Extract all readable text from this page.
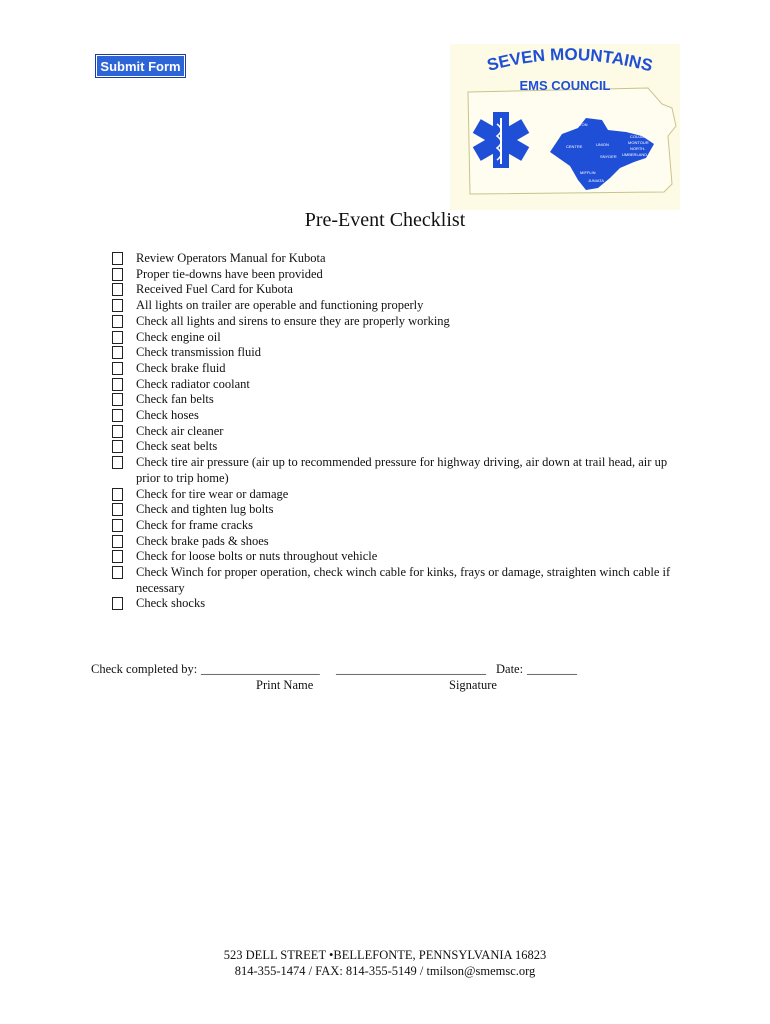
Submit Form	SEVEN MOUNTAINS
EMS COUNCIL
CLINTON
CENTRE	UNION
COLUMBIA
MONTOUR
NORTH-
UMBERLAND
SNYDER
MIFFLIN
JUNIATA
Pre-Event Checklist
Review Operators Manual for Kubota
Proper tie-downs have been provided
Received Fuel Card for Kubota
All lights on trailer are operable and functioning properly
Check all lights and sirens to ensure they are properly working
Check engine oil
Check transmission fluid
Check brake fluid
Check radiator coolant
Check fan belts
Check hoses
Check air cleaner
Check seat belts
Check tire air pressure (air up to recommended pressure for highway driving, air down at trail head, air up prior to trip home)
Check for tire wear or damage
Check and tighten lug bolts
Check for frame cracks
Check brake pads & shoes
Check for loose bolts or nuts throughout vehicle
Check Winch for proper operation, check winch cable for kinks, frays or damage, straighten winch cable if necessary
Check shocks
Check completed by: ___________________ ________________________ Date: ________
Print Name	Signature
523 DELL STREET •BELLEFONTE, PENNSYLVANIA 16823
814-355-1474 / FAX: 814-355-5149 / tmilson@smemsc.org
